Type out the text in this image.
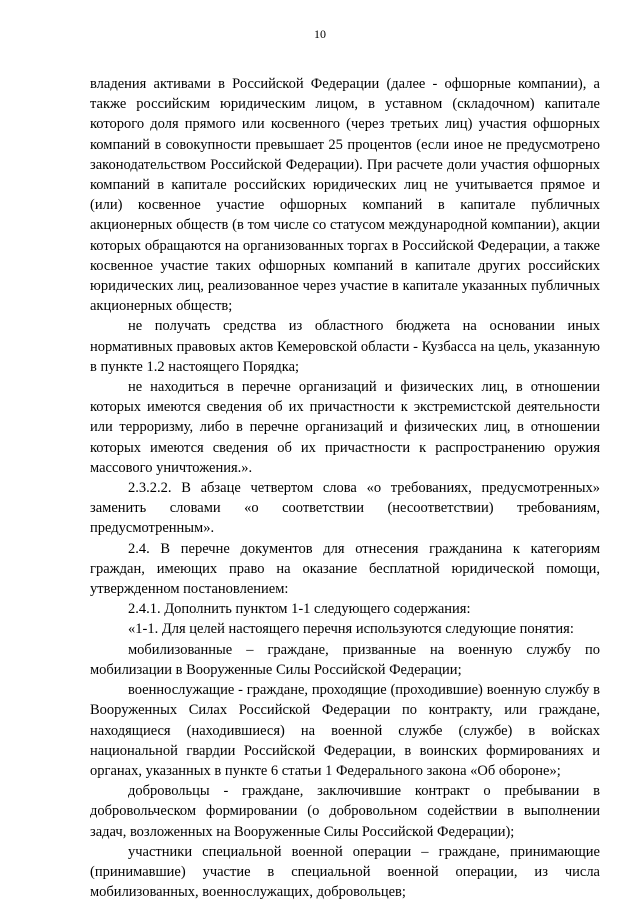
10

владения активами в Российской Федерации (далее - офшорные компании), а также российским юридическим лицом, в уставном (складочном) капитале которого доля прямого или косвенного (через третьих лиц) участия офшорных компаний в совокупности превышает 25 процентов (если иное не предусмотрено законодательством Российской Федерации). При расчете доли участия офшорных компаний в капитале российских юридических лиц не учитывается прямое и (или) косвенное участие офшорных компаний в капитале публичных акционерных обществ (в том числе со статусом международной компании), акции которых обращаются на организованных торгах в Российской Федерации, а также косвенное участие таких офшорных компаний в капитале других российских юридических лиц, реализованное через участие в капитале указанных публичных акционерных обществ;

не получать средства из областного бюджета на основании иных нормативных правовых актов Кемеровской области - Кузбасса на цель, указанную в пункте 1.2 настоящего Порядка;

не находиться в перечне организаций и физических лиц, в отношении которых имеются сведения об их причастности к экстремистской деятельности или терроризму, либо в перечне организаций и физических лиц, в отношении которых имеются сведения об их причастности к распространению оружия массового уничтожения.».

2.3.2.2. В абзаце четвертом слова «о требованиях, предусмотренных» заменить словами «о соответствии (несоответствии) требованиям, предусмотренным».

2.4. В перечне документов для отнесения гражданина к категориям граждан, имеющих право на оказание бесплатной юридической помощи, утвержденном постановлением:

2.4.1. Дополнить пунктом 1-1 следующего содержания:

«1-1. Для целей настоящего перечня используются следующие понятия:

мобилизованные – граждане, призванные на военную службу по мобилизации в Вооруженные Силы Российской Федерации;

военнослужащие - граждане, проходящие (проходившие) военную службу в Вооруженных Силах Российской Федерации по контракту, или граждане, находящиеся (находившиеся) на военной службе (службе) в войсках национальной гвардии Российской Федерации, в воинских формированиях и органах, указанных в пункте 6 статьи 1 Федерального закона «Об обороне»;

добровольцы - граждане, заключившие контракт о пребывании в добровольческом формировании (о добровольном содействии в выполнении задач, возложенных на Вооруженные Силы Российской Федерации);

участники специальной военной операции – граждане, принимающие (принимавшие) участие в специальной военной операции, из числа мобилизованных, военнослужащих, добровольцев;
